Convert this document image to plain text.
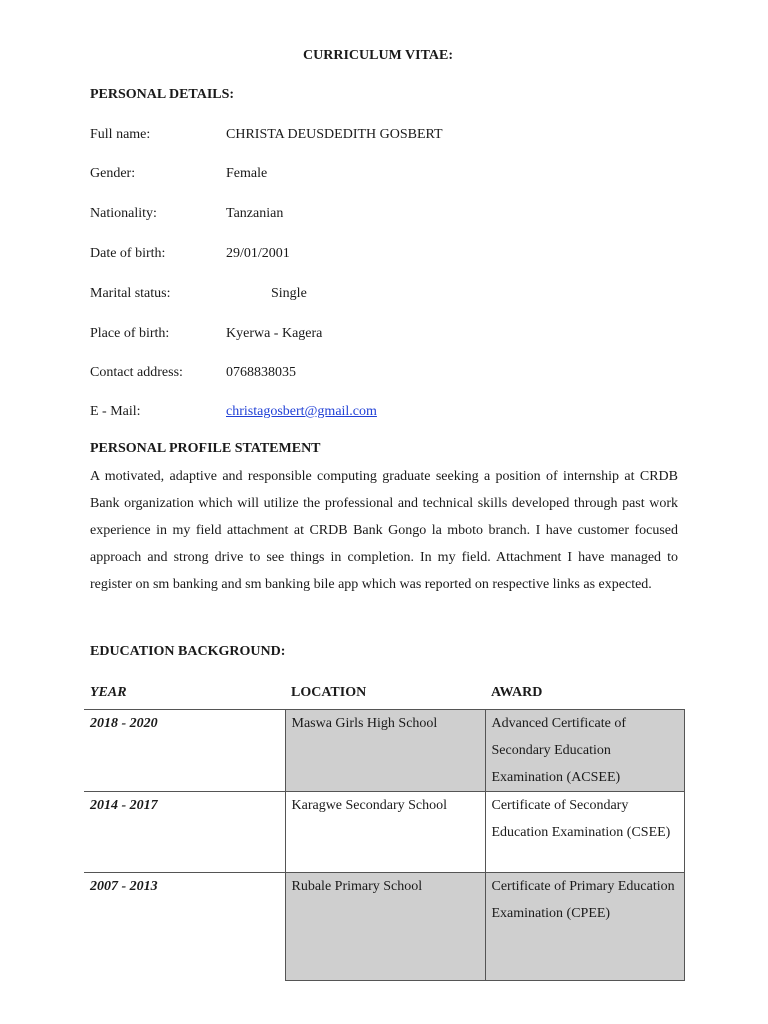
CURRICULUM VITAE:
PERSONAL DETAILS:
Full name:	CHRISTA DEUSDEDITH GOSBERT
Gender:	Female
Nationality:	Tanzanian
Date of birth:	29/01/2001
Marital status:	Single
Place of birth:	Kyerwa - Kagera
Contact address:	0768838035
E - Mail:	christagosbert@gmail.com
PERSONAL PROFILE STATEMENT
A motivated, adaptive and responsible computing graduate seeking a position of internship at CRDB Bank organization which will utilize the professional and technical skills developed through past work experience in my field attachment at CRDB Bank Gongo la mboto branch. I have customer focused approach and strong drive to see things in completion. In my field. Attachment I have managed to register on sm banking and sm banking bile app which was reported on respective links as expected.
EDUCATION BACKGROUND:
YEAR	LOCATION	AWARD
2018 - 2020	Maswa Girls High School	Advanced Certificate of Secondary Education Examination (ACSEE)
2014 - 2017	Karagwe Secondary School	Certificate of Secondary Education Examination (CSEE)
2007 - 2013	Rubale Primary School	Certificate of Primary Education Examination (CPEE)
